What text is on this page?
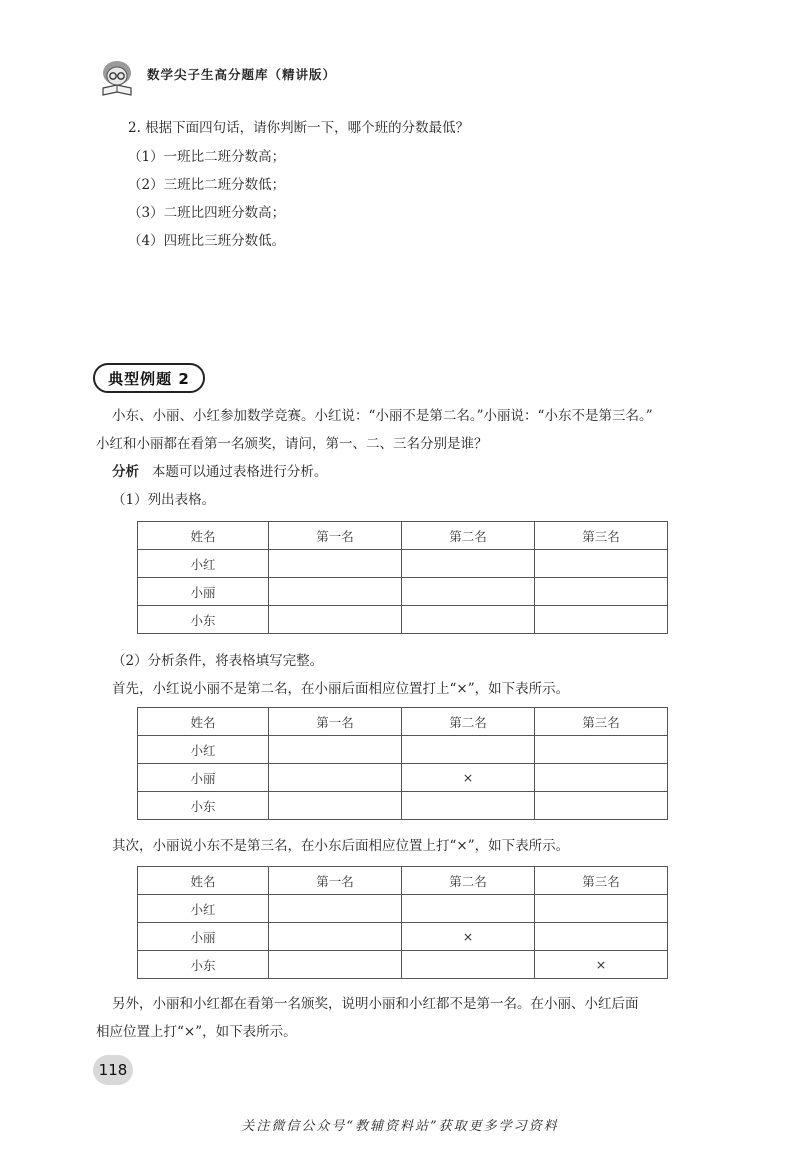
数学尖子生高分题库（精讲版）
2. 根据下面四句话，请你判断一下，哪个班的分数最低？
（1）一班比二班分数高；
（2）三班比二班分数低；
（3）二班比四班分数高；
（4）四班比三班分数低。
典型例题 2
小东、小丽、小红参加数学竞赛。小红说：“小丽不是第二名。”小丽说：“小东不是第三名。”
小红和小丽都在看第一名颁奖，请问，第一、二、三名分别是谁？
分析 本题可以通过表格进行分析。
（1）列出表格。
姓名	第一名	第二名	第三名
小红			
小丽			
小东			
（2）分析条件，将表格填写完整。
首先，小红说小丽不是第二名，在小丽后面相应位置打上“×”，如下表所示。
姓名	第一名	第二名	第三名
小红			
小丽		×	
小东			
其次，小丽说小东不是第三名，在小东后面相应位置上打“×”，如下表所示。
姓名	第一名	第二名	第三名
小红			
小丽		×	
小东			×
另外，小丽和小红都在看第一名颁奖，说明小丽和小红都不是第一名。在小丽、小红后面
相应位置上打“×”，如下表所示。
118
关注微信公众号“教辅资料站”获取更多学习资料
